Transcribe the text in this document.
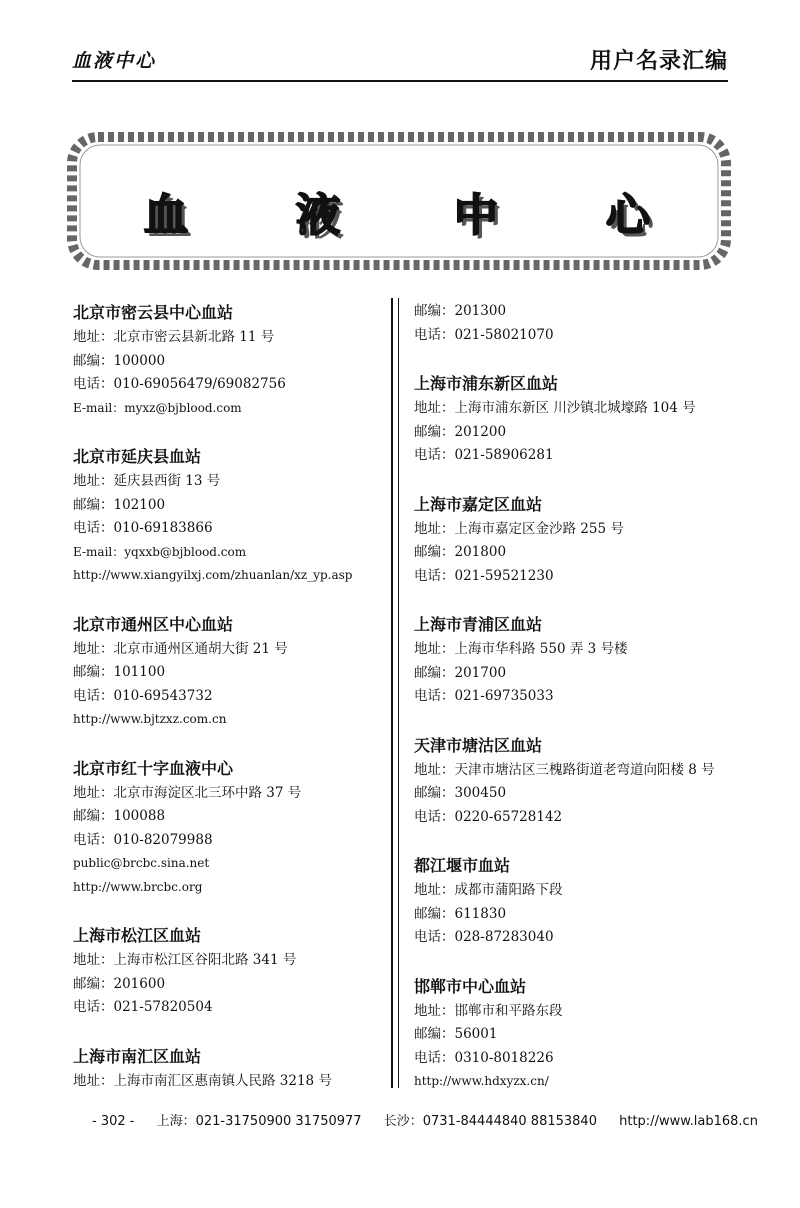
血液中心	用户名录汇编
血 液	中 心
北京市密云县中心血站
地址：北京市密云县新北路 11 号
邮编：100000
电话：010-69056479/69082756
E-mail：myxz@bjblood.com
北京市延庆县血站
地址：延庆县西街 13 号
邮编：102100
电话：010-69183866
E-mail：yqxxb@bjblood.com
http://www.xiangyilxj.com/zhuanlan/xz_yp.asp
北京市通州区中心血站
地址：北京市通州区通胡大街 21 号
邮编：101100
电话：010-69543732
http://www.bjtzxz.com.cn
北京市红十字血液中心
地址：北京市海淀区北三环中路 37 号
邮编：100088
电话：010-82079988
public@brcbc.sina.net
http://www.brcbc.org
上海市松江区血站
地址：上海市松江区谷阳北路 341 号
邮编：201600
电话：021-57820504
上海市南汇区血站
地址：上海市南汇区惠南镇人民路 3218 号
邮编：201300
电话：021-58021070
上海市浦东新区血站
地址：上海市浦东新区 川沙镇北城壕路 104 号
邮编：201200
电话：021-58906281
上海市嘉定区血站
地址：上海市嘉定区金沙路 255 号
邮编：201800
电话：021-59521230
上海市青浦区血站
地址：上海市华科路 550 弄 3 号楼
邮编：201700
电话：021-69735033
天津市塘沽区血站
地址：天津市塘沽区三槐路街道老弯道向阳楼 8 号
邮编：300450
电话：0220-65728142
都江堰市血站
地址：成都市蒲阳路下段
邮编：611830
电话：028-87283040
邯郸市中心血站
地址：邯郸市和平路东段
邮编：56001
电话：0310-8018226
http://www.hdxyzx.cn/
- 302 - 上海：021-31750900 31750977 长沙：0731-84444840 88153840 http://www.lab168.cn
